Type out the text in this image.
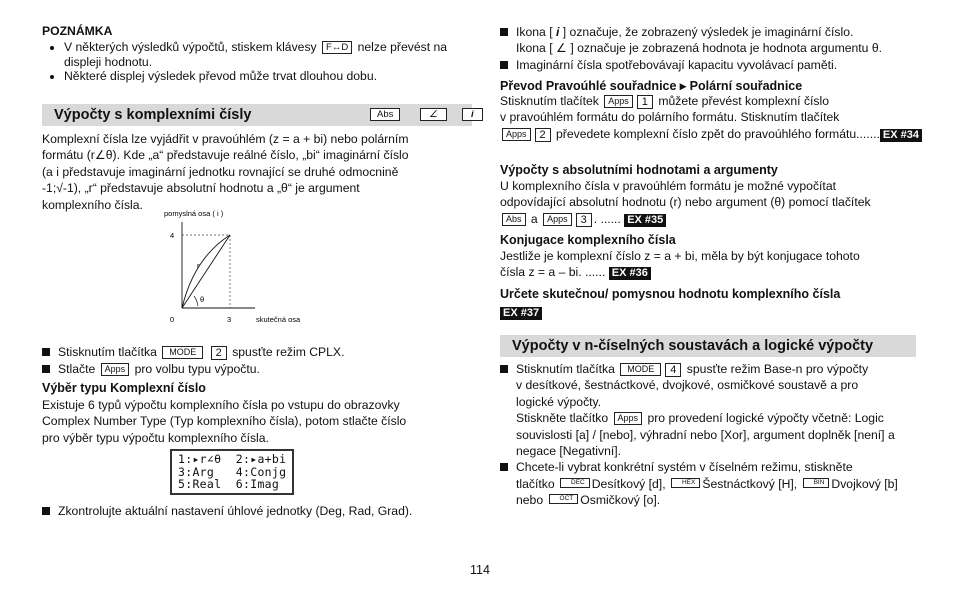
POZNÁMKA
• V některých výsledků výpočtů, stiskem klávesy F↔D nelze převést na displeji hodnotu.
• Některé displej výsledek převod může trvat dlouhou dobu.
Výpočty s komplexními čísly	Abs	∠	i
Komplexní čísla lze vyjádřit v pravoúhlém (z = a + bi) nebo polárním
formátu (r∠θ). Kde „a“ představuje reálné číslo, „bi“ imaginární číslo
(a i představuje imaginární jednotku rovnající se druhé odmocnině
-1;√-1), „r“ představuje absolutní hodnotu a „θ“ je argument
komplexního čísla.
pomyslná osa ( i )
4
0	3	skutečná osa
r
θ
Stisknutím tlačítka MODE 2 spusťte režim CPLX.
Stlačte Apps pro volbu typu výpočtu.
Výběr typu Komplexní číslo
Existuje 6 typů výpočtu komplexního čísla po vstupu do obrazovky
Complex Number Type (Typ komplexního čísla), potom stlačte číslo
pro výběr typu výpočtu komplexního čísla.
1:▸r∠θ  2:▸a+bi
3:Arg   4:Conjg
5:Real  6:Imag
Zkontrolujte aktuální nastavení úhlové jednotky (Deg, Rad, Grad).
Ikona [ i ] označuje, že zobrazený výsledek je imaginární číslo.
Ikona [ ∠ ] označuje je zobrazená hodnota je hodnota argumentu θ.
Imaginární čísla spotřebovávají kapacitu vyvolávací paměti.
Převod Pravoúhlé souřadnice ▸ Polární souřadnice
Stisknutím tlačítek Apps 1 můžete převést komplexní číslo
v pravoúhlém formátu do polárního formátu. Stisknutím tlačítek
Apps 2 převedete komplexní číslo zpět do pravoúhlého formátu....... EX #34
Výpočty s absolutními hodnotami a argumenty
U komplexního čísla v pravoúhlém formátu je možné vypočítat
odpovídající absolutní hodnotu (r) nebo argument (θ) pomocí tlačítek
Abs a Apps 3 . ...... EX #35
Konjugace komplexního čísla
Jestliže je komplexní číslo z = a + bi, měla by být konjugace tohoto
čísla z = a – bi. ...... EX #36
Určete skutečnou/ pomysnou hodnotu komplexního čísla
EX #37
Výpočty v n-číselných soustavách a logické výpočty
Stisknutím tlačítka MODE 4 spusťte režim Base-n pro výpočty
v desítkové, šestnáctkové, dvojkové, osmičkové soustavě a pro
logické výpočty.
Stiskněte tlačítko Apps pro provedení logické výpočty včetně: Logic
souvislosti [a] / [nebo], výhradní nebo [Xor], argument doplněk [není] a
negace [Negativní].
Chcete-li vybrat konkrétní systém v číselném režimu, stiskněte
tlačítko	DEC Desítkový [d],	HEX Šestnáctkový [H],	BIN Dvojkový [b]
nebo	OCT Osmičkový [o].
114
